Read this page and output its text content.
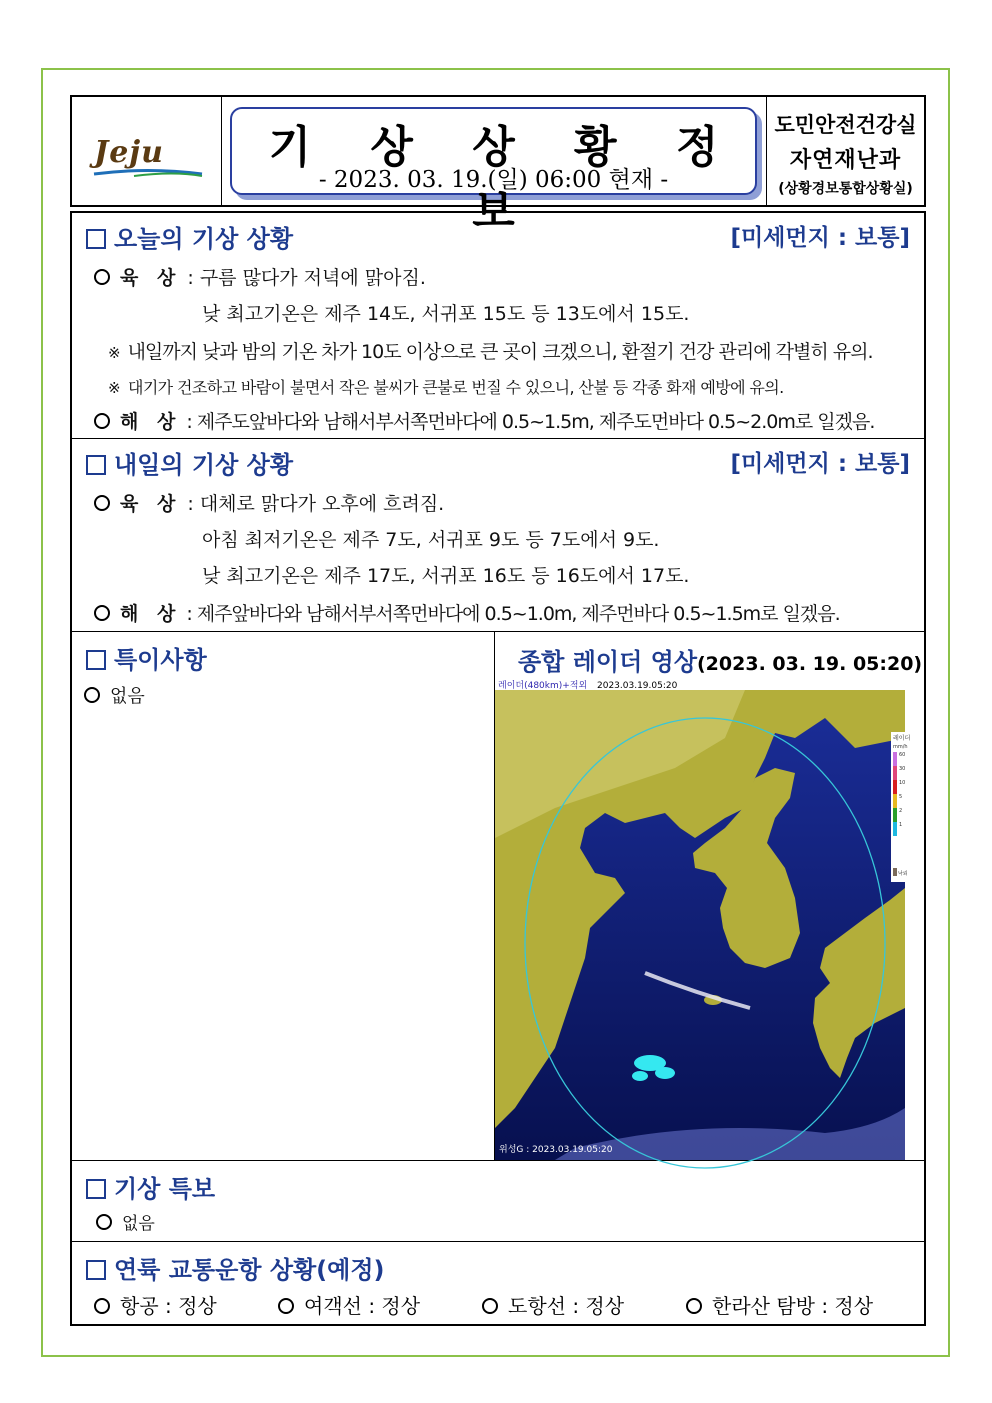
Jeju	기 상 상 황 정 보
- 2023. 03. 19.(일) 06:00 현재 -
도민안전건강실
자연재난과
(상황경보통합상황실)
오늘의 기상 상황	[미세먼지 : 보통]
육 상 : 구름 많다가 저녁에 맑아짐.
낮 최고기온은 제주 14도, 서귀포 15도 등 13도에서 15도.
※ 내일까지 낮과 밤의 기온 차가 10도 이상으로 큰 곳이 크겠으니, 환절기 건강 관리에 각별히 유의.
※ 대기가 건조하고 바람이 불면서 작은 불씨가 큰불로 번질 수 있으니, 산불 등 각종 화재 예방에 유의.
해 상 : 제주도앞바다와 남해서부서쪽먼바다에 0.5~1.5m, 제주도먼바다 0.5~2.0m로 일겠음.
내일의 기상 상황	[미세먼지 : 보통]
육 상 : 대체로 맑다가 오후에 흐려짐.
아침 최저기온은 제주 7도, 서귀포 9도 등 7도에서 9도.
낮 최고기온은 제주 17도, 서귀포 16도 등 16도에서 17도.
해 상 : 제주앞바다와 남해서부서쪽먼바다에 0.5~1.0m, 제주먼바다 0.5~1.5m로 일겠음.
특이사항
없음
종합 레이더 영상(2023. 03. 19. 05:20)
레이더(480km)+적외 2023.03.19.05:20
위성G : 2023.03.19.05:20
레이더
mm/h
60
30
10
5
2
1
낙뢰
기상 특보
없음
연륙 교통운항 상황(예정)
항공 : 정상	여객선 : 정상	도항선 : 정상	한라산 탐방 : 정상
